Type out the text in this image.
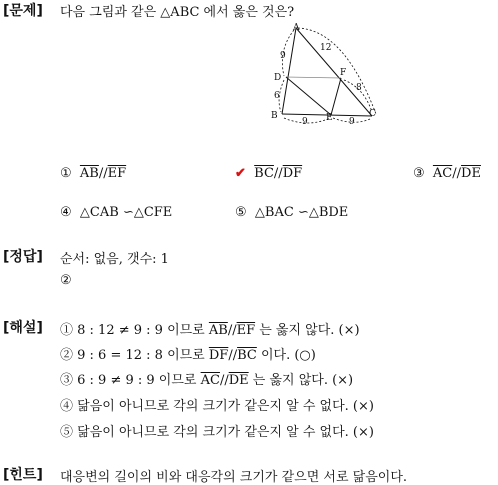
[문제] 다음 그림과 같은 △ABC 에서 옳은 것은?
A
B	C
D
E
F
12
9
6
8
9	9
① $\overline{AB}//\overline{EF}$	✔ $\overline{BC}//\overline{DF}$	③ $\overline{AC}//\overline{DE}$
④ △CAB ∽△CFE	⑤ △BAC ∽△BDE
[정답] 순서: 없음, 갯수: 1
②
[해설] ① 8 : 12 ≠ 9 : 9 이므로 $\overline{AB}//\overline{EF}$ 는 옳지 않다. (×)
② 9 : 6 = 12 : 8 이므로 $\overline{DF}//\overline{BC}$ 이다. (○)
③ 6 : 9 ≠ 9 : 9 이므로 $\overline{AC}//\overline{DE}$ 는 옳지 않다. (×)
④ 닮음이 아니므로 각의 크기가 같은지 알 수 없다. (×)
⑤ 닮음이 아니므로 각의 크기가 같은지 알 수 없다. (×)
[힌트] 대응변의 길이의 비와 대응각의 크기가 같으면 서로 닮음이다.
